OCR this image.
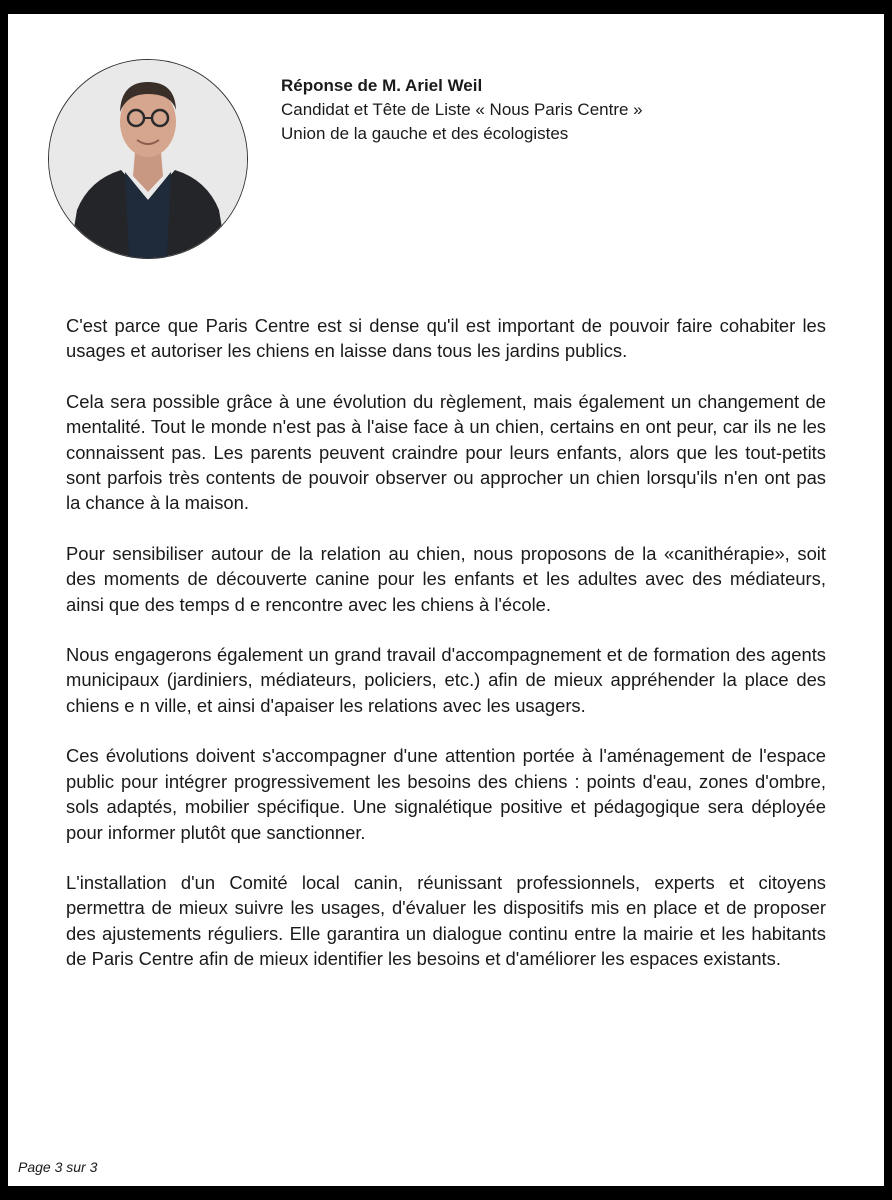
Réponse de M. Ariel Weil
Candidat et Tête de Liste « Nous Paris Centre »
Union de la gauche et des écologistes

C'est parce que Paris Centre est si dense qu'il est important de pouvoir faire cohabiter les usages et autoriser les chiens en laisse dans tous les jardins publics.

Cela sera possible grâce à une évolution du règlement, mais également un changement de mentalité. Tout le monde n'est pas à l'aise face à un chien, certains en ont peur, car ils ne les connaissent pas. Les parents peuvent craindre pour leurs enfants, alors que les tout-petits sont parfois très contents de pouvoir observer ou approcher un chien lorsqu'ils n'en ont pas la chance à la maison.

Pour sensibiliser autour de la relation au chien, nous proposons de la «canithérapie», soit des moments de découverte canine pour les enfants et les adultes avec des médiateurs, ainsi que des temps d e rencontre avec les chiens à l'école.

Nous engagerons également un grand travail d'accompagnement et de formation des agents municipaux (jardiniers, médiateurs, policiers, etc.) afin de mieux appréhender la place des chiens e n ville, et ainsi d'apaiser les relations avec les usagers.

Ces évolutions doivent s'accompagner d'une attention portée à l'aménagement de l'espace public pour intégrer progressivement les besoins des chiens : points d'eau, zones d'ombre, sols adaptés, mobilier spécifique. Une signalétique positive et pédagogique sera déployée pour informer plutôt que sanctionner.

L'installation d'un Comité local canin, réunissant professionnels, experts et citoyens permettra de mieux suivre les usages, d'évaluer les dispositifs mis en place et de proposer des ajustements réguliers. Elle garantira un dialogue continu entre la mairie et les habitants de Paris Centre afin de mieux identifier les besoins et d'améliorer les espaces existants.

Page 3 sur 3
